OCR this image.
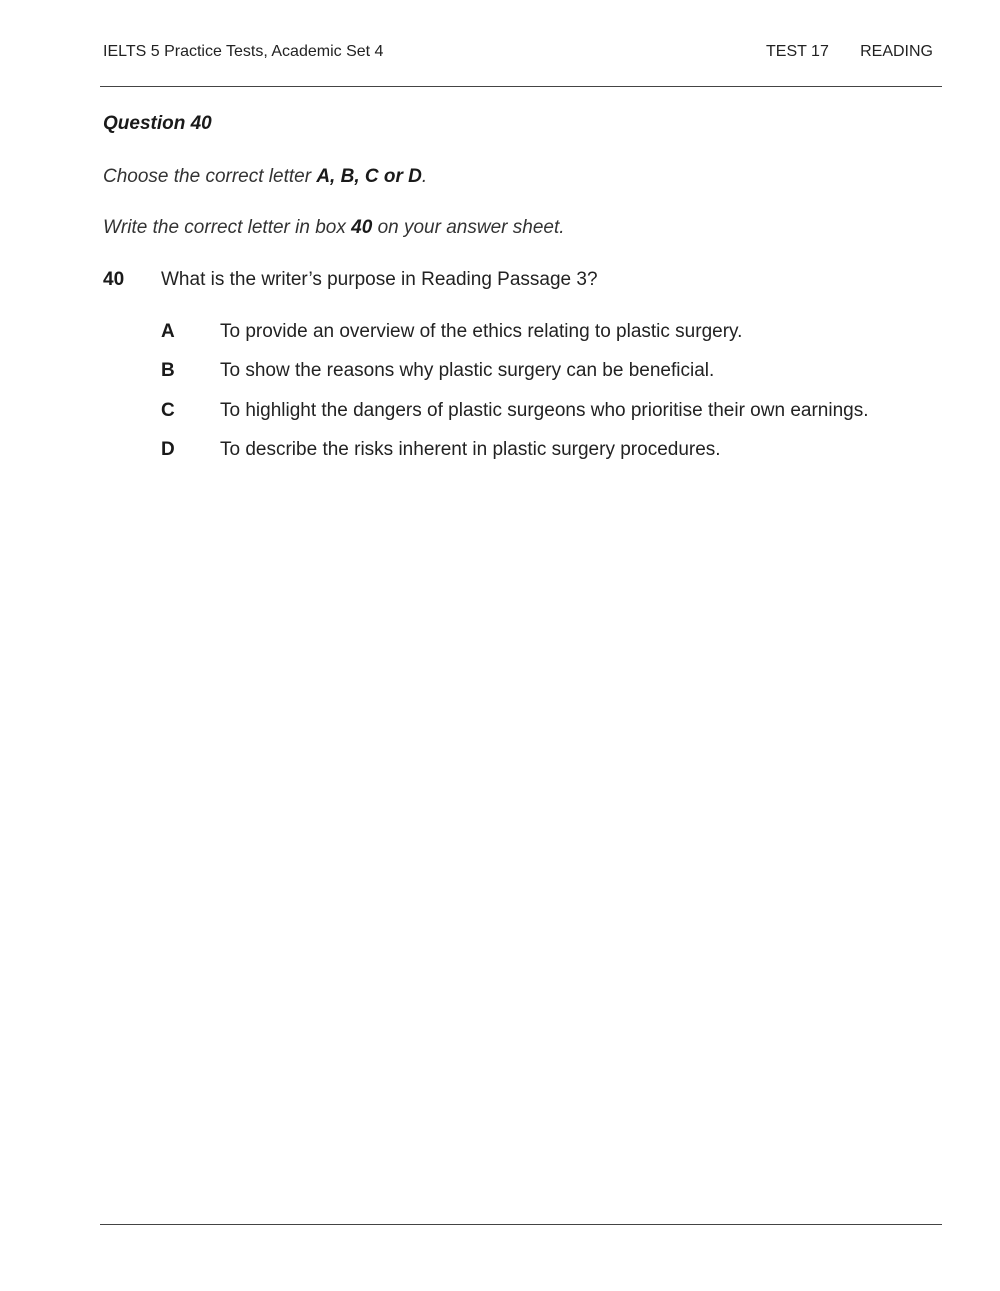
IELTS 5 Practice Tests, Academic Set 4	TEST 17 READING
Question 40
Choose the correct letter A, B, C or D.
Write the correct letter in box 40 on your answer sheet.
40 What is the writer’s purpose in Reading Passage 3?
A To provide an overview of the ethics relating to plastic surgery.
B To show the reasons why plastic surgery can be beneficial.
C To highlight the dangers of plastic surgeons who prioritise their own earnings.
D To describe the risks inherent in plastic surgery procedures.
